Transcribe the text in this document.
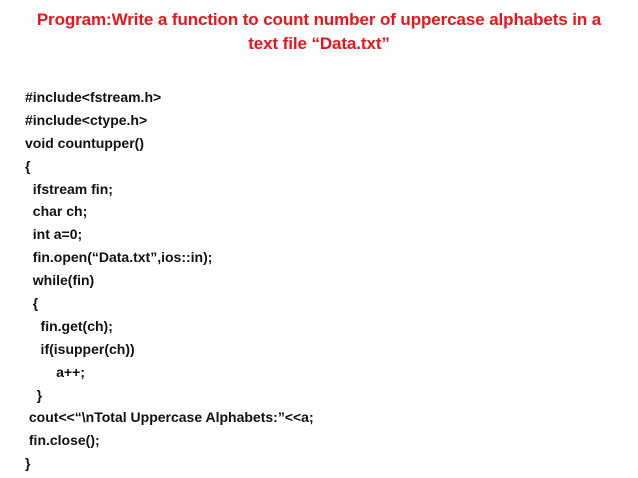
Program:Write a function to count number of uppercase alphabets in a
text file “Data.txt”
#include<fstream.h>
#include<ctype.h>
void countupper()
{
ifstream fin;
char ch;
int a=0;
fin.open(“Data.txt”,ios::in);
while(fin)
{
fin.get(ch);
if(isupper(ch))
a++;
}
cout<<“\nTotal Uppercase Alphabets:”<<a;
fin.close();
}
